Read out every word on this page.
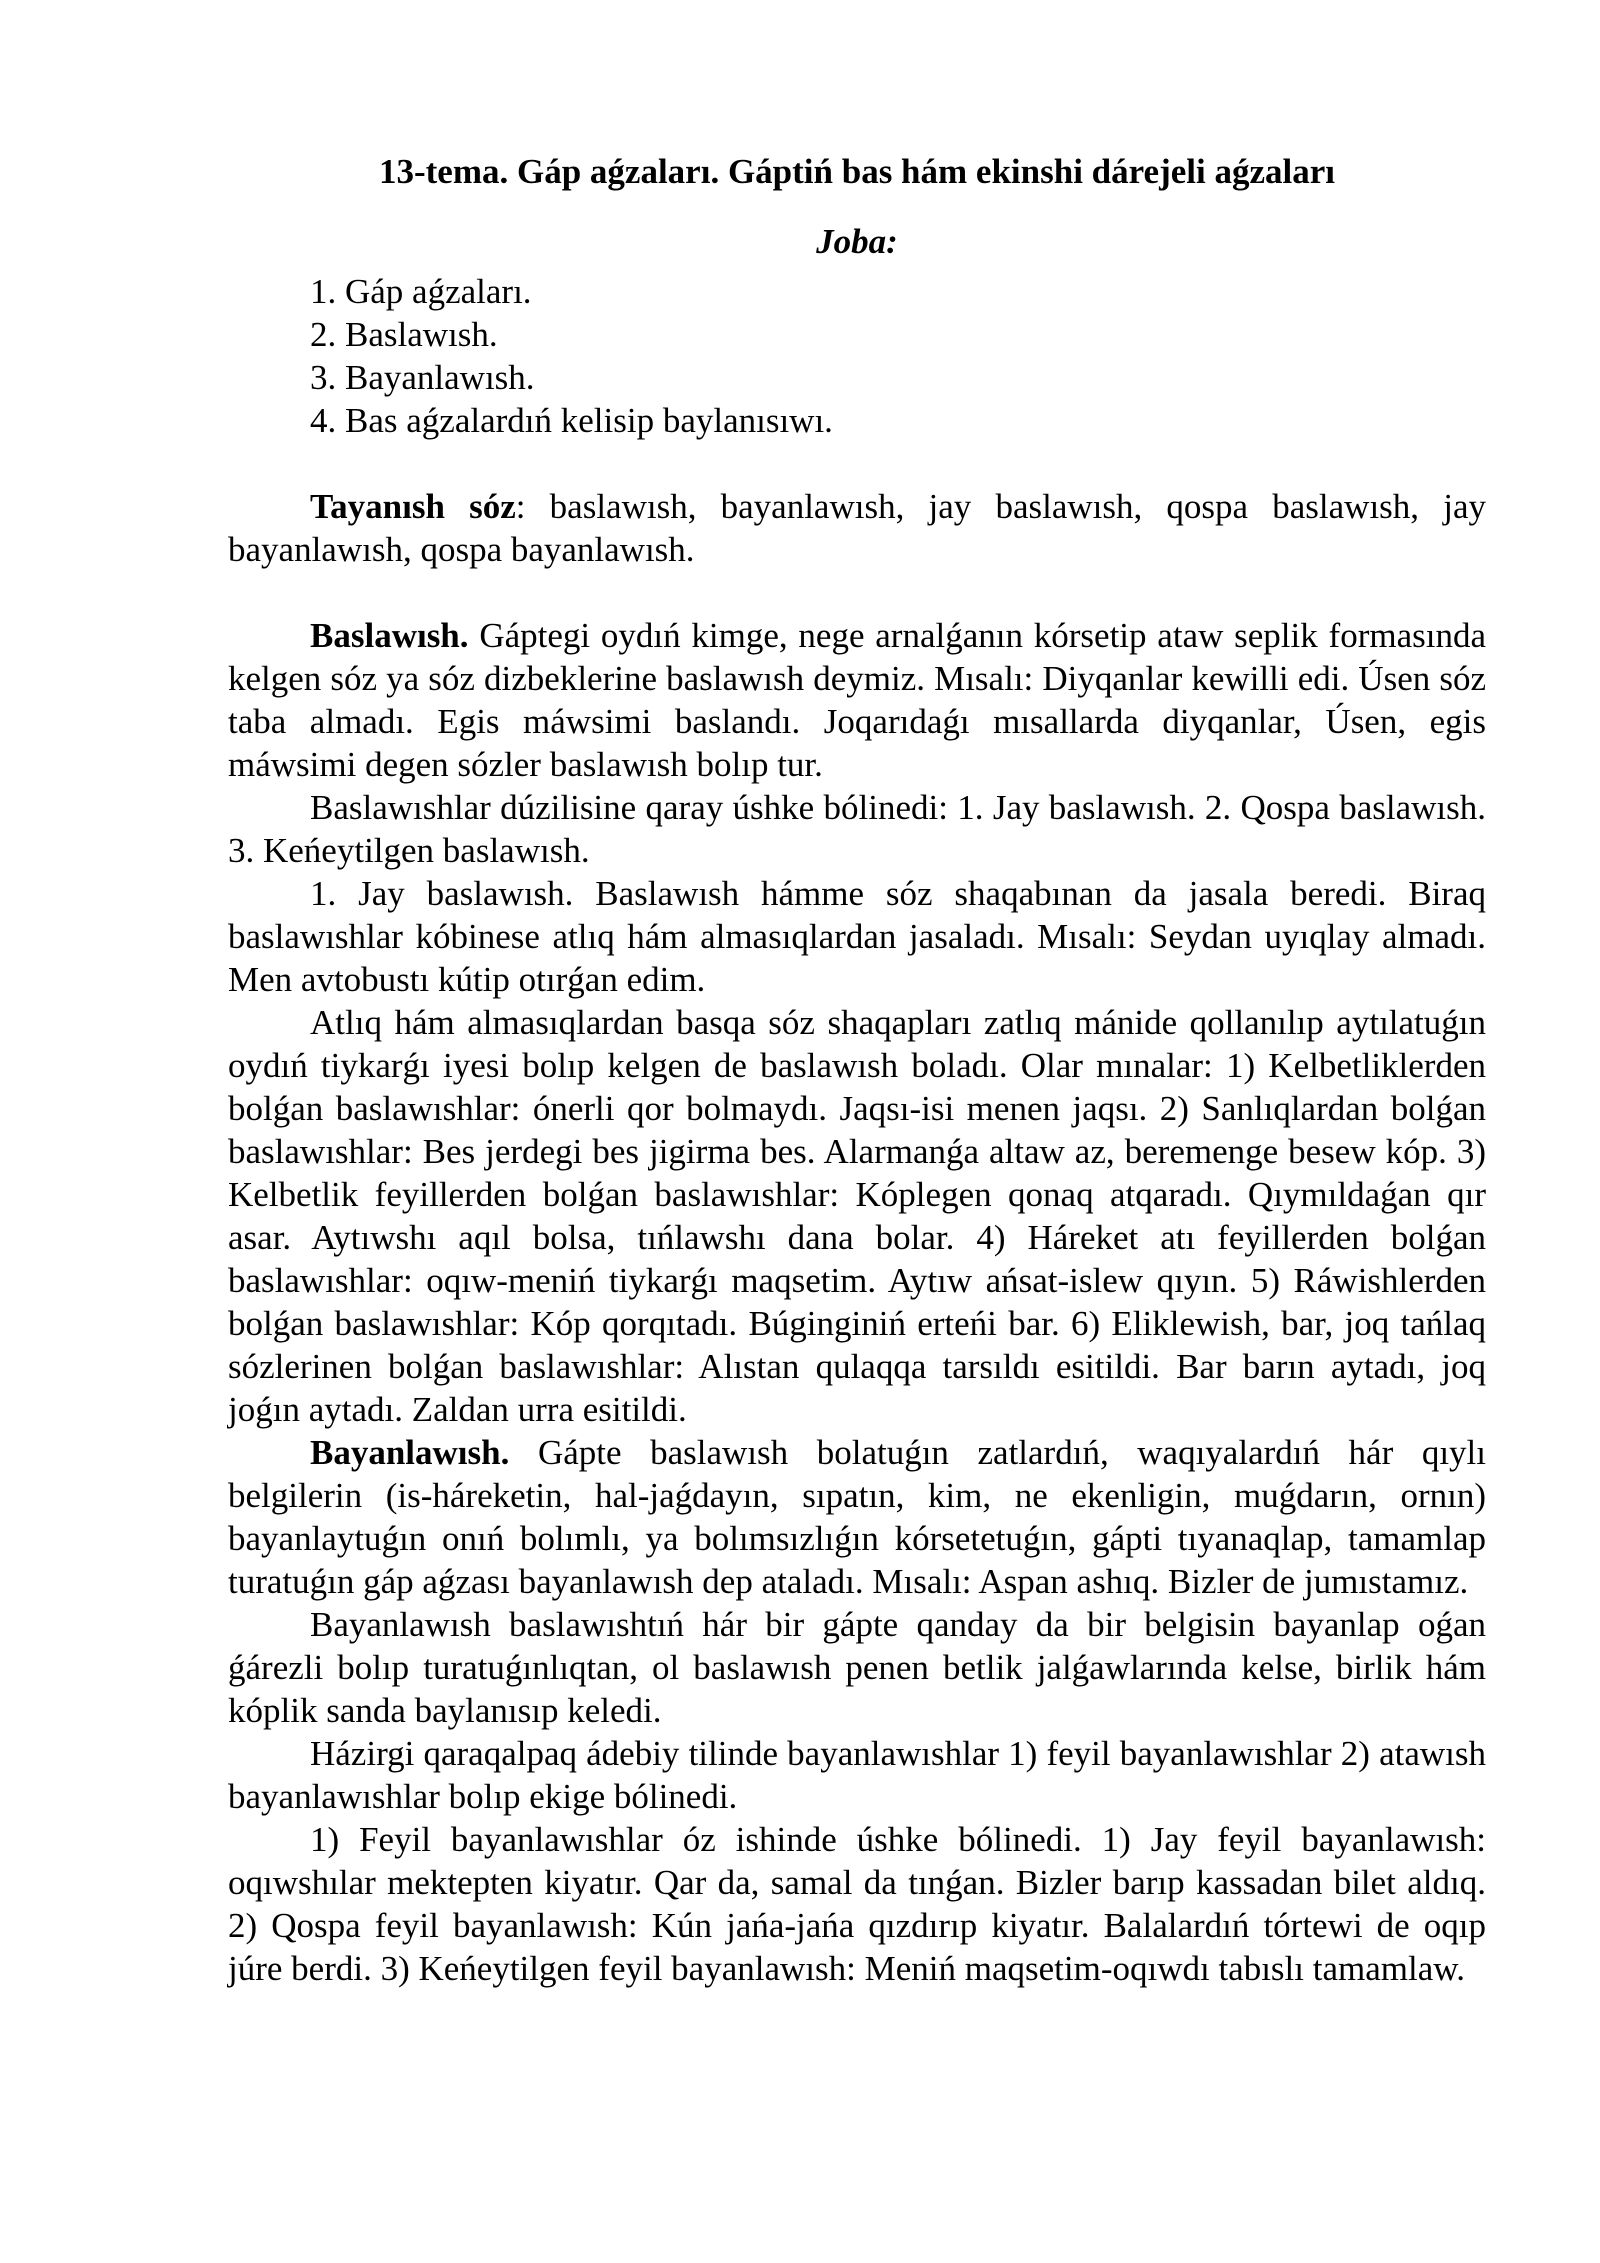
13-tema. Gáp aǵzaları. Gáptiń bas hám ekinshi dárejeli aǵzaları
Joba:
1. Gáp aǵzaları.
2. Baslawısh.
3. Bayanlawısh.
4. Bas aǵzalardıń kelisip baylanısıwı.

Tayanısh sóz: baslawısh, bayanlawısh, jay baslawısh, qospa baslawısh, jay bayanlawısh, qospa bayanlawısh.

Baslawısh. Gáptegi oydıń kimge, nege arnalǵanın kórsetip ataw seplik formasında kelgen sóz ya sóz dizbeklerine baslawısh deymiz. Mısalı: Diyqanlar kewilli edi. Úsen sóz taba almadı. Egis máwsimi baslandı. Joqarıdaǵı mısallarda diyqanlar, Úsen, egis máwsimi degen sózler baslawısh bolıp tur.

Baslawıshlar dúzilisine qaray úshke bólinedi: 1. Jay baslawısh. 2. Qospa baslawısh. 3. Keńeytilgen baslawısh.

1. Jay baslawısh. Baslawısh hámme sóz shaqabınan da jasala beredi. Biraq baslawıshlar kóbinese atlıq hám almasıqlardan jasaladı. Mısalı: Seydan uyıqlay almadı. Men avtobustı kútip otırǵan edim.

Atlıq hám almasıqlardan basqa sóz shaqapları zatlıq mánide qollanılıp aytılatuǵın oydıń tiykarǵı iyesi bolıp kelgen de baslawısh boladı. Olar mınalar: 1) Kelbetliklerden bolǵan baslawıshlar: ónerli qor bolmaydı. Jaqsı-isi menen jaqsı. 2) Sanlıqlardan bolǵan baslawıshlar: Bes jerdegi bes jigirma bes. Alarmanǵa altaw az, beremenge besew kóp. 3) Kelbetlik feyillerden bolǵan baslawıshlar: Kóplegen qonaq atqaradı. Qıymıldaǵan qır asar. Aytıwshı aqıl bolsa, tıńlawshı dana bolar. 4) Háreket atı feyillerden bolǵan baslawıshlar: oqıw-meniń tiykarǵı maqsetim. Aytıw ańsat-islew qıyın. 5) Ráwishlerden bolǵan baslawıshlar: Kóp qorqıtadı. Búginginiń erteńi bar. 6) Eliklewish, bar, joq tańlaq sózlerinen bolǵan baslawıshlar: Alıstan qulaqqa tarsıldı esitildi. Bar barın aytadı, joq joǵın aytadı. Zaldan urra esitildi.

Bayanlawısh. Gápte baslawısh bolatuǵın zatlardıń, waqıyalardıń hár qıylı belgilerin (is-háreketin, hal-jaǵdayın, sıpatın, kim, ne ekenligin, muǵdarın, ornın) bayanlaytuǵın onıń bolımlı, ya bolımsızlıǵın kórsetetuǵın, gápti tıyanaqlap, tamamlap turatuǵın gáp aǵzası bayanlawısh dep ataladı. Mısalı: Aspan ashıq. Bizler de jumıstamız.

Bayanlawısh baslawıshtıń hár bir gápte qanday da bir belgisin bayanlap oǵan ǵárezli bolıp turatuǵınlıqtan, ol baslawısh penen betlik jalǵawlarında kelse, birlik hám kóplik sanda baylanısıp keledi.

Házirgi qaraqalpaq ádebiy tilinde bayanlawıshlar 1) feyil bayanlawıshlar 2) atawısh bayanlawıshlar bolıp ekige bólinedi.

1) Feyil bayanlawıshlar óz ishinde úshke bólinedi. 1) Jay feyil bayanlawısh: oqıwshılar mektepten kiyatır. Qar da, samal da tınǵan. Bizler barıp kassadan bilet aldıq. 2) Qospa feyil bayanlawısh: Kún jańa-jańa qızdırıp kiyatır. Balalardıń tórtewi de oqıp júre berdi. 3) Keńeytilgen feyil bayanlawısh: Meniń maqsetim-oqıwdı tabıslı tamamlaw.
